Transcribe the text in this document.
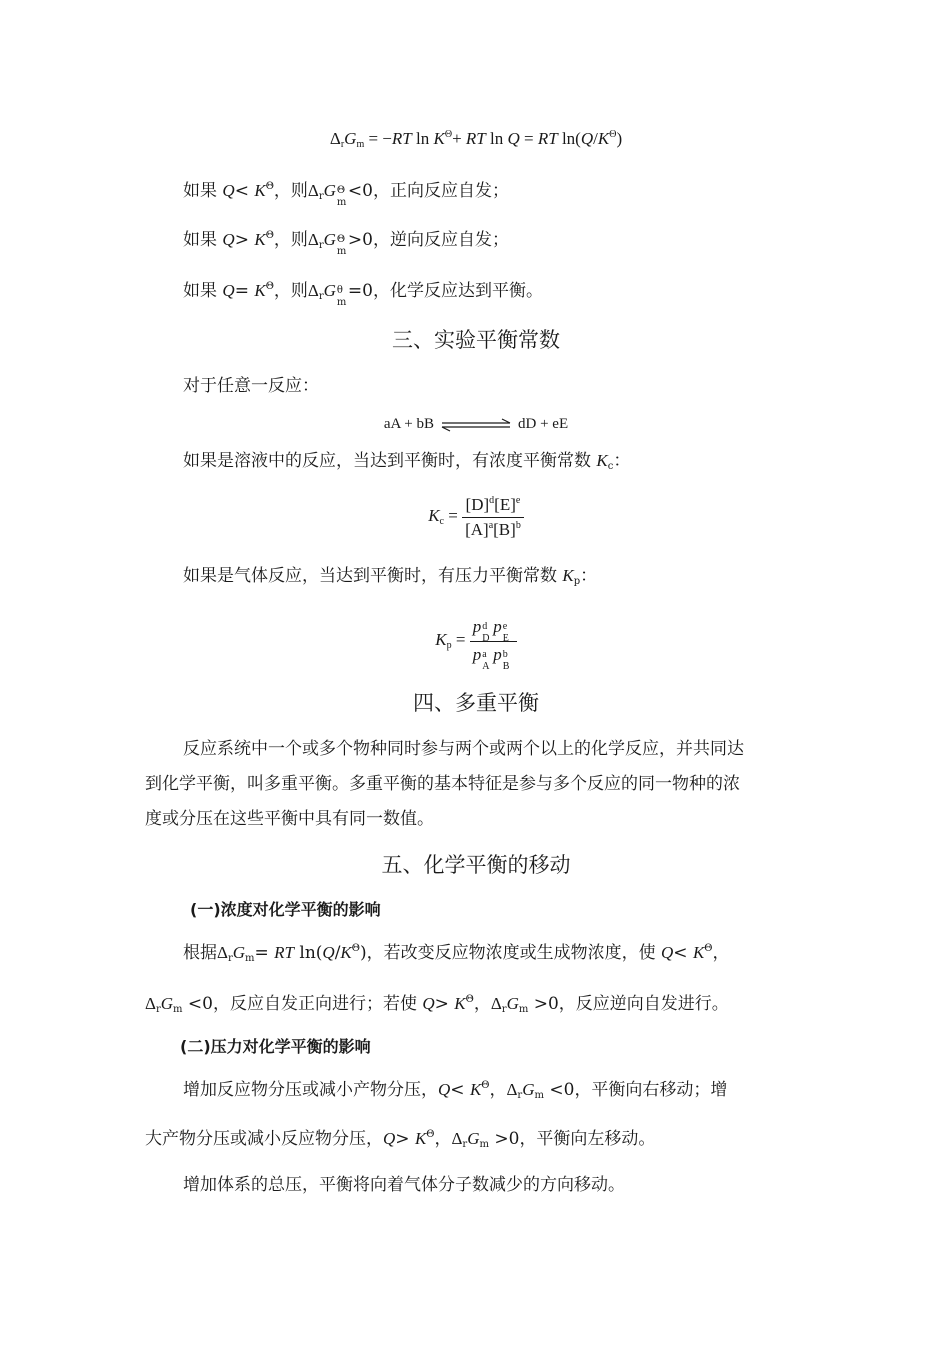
$\Delta_rG_m = -RT$ $\ln K^\Theta+$ RT ln Q = RT $\ln(Q/K^\Theta)$
如果 $Q< K^\Theta$，则$\Delta_rG$ Θ
m
<0，正向反应自发；
如果 $Q> K^\Theta$，则$\Delta_rG$ Θ
m
>0，逆向反应自发；
如果 $Q= K^\Theta$，则$\Delta_rG$ θ
m
=0，化学反应达到平衡。
三、实验平衡常数
对于任意一反应：
aA + bB	dD + eE
如果是溶液中的反应，当达到平衡时，有浓度平衡常数 $K_c$：
$K_c = \frac{[D]^d[E]^e}{[A]^a[B]^b}$
如果是气体反应，当达到平衡时，有压力平衡常数 $K_p$：
$K_p = p$ d
D
p e
E
p a
A
p b
B
四、多重平衡
反应系统中一个或多个物种同时参与两个或两个以上的化学反应，并共同达
到化学平衡，叫多重平衡。多重平衡的基本特征是参与多个反应的同一物种的浓
度或分压在这些平衡中具有同一数值。
五、化学平衡的移动
(一)浓度对化学平衡的影响
根据$\Delta_rG_m=$ RT $\ln(Q/K^\Theta)$，若改变反应物浓度或生成物浓度，使 $Q< K^\Theta$，
$\Delta_rG_m <0$，反应自发正向进行；若使 $Q> K^\Theta$，$\Delta_rG_m >0$，反应逆向自发进行。
(二)压力对化学平衡的影响
增加反应物分压或减小产物分压，$Q< K^\Theta$，$\Delta_rG_m <0$，平衡向右移动；增
大产物分压或减小反应物分压，$Q> K^\Theta$，$\Delta_rG_m >0$，平衡向左移动。
增加体系的总压，平衡将向着气体分子数减少的方向移动。
